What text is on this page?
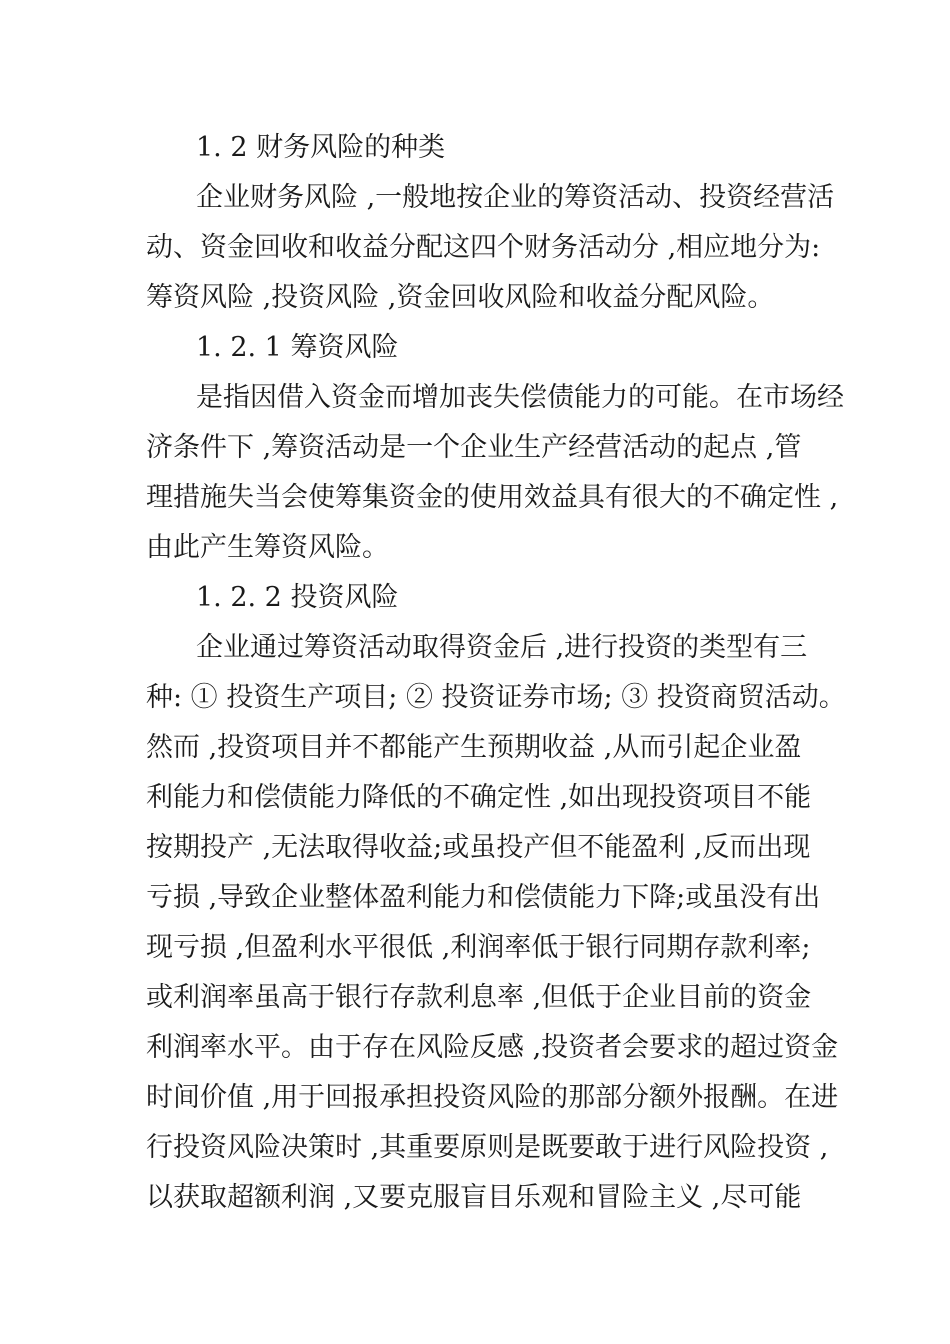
1. 2 财务风险的种类
企业财务风险 ,一般地按企业的筹资活动、投资经营活
动、资金回收和收益分配这四个财务活动分 ,相应地分为:
筹资风险 ,投资风险 ,资金回收风险和收益分配风险。
1. 2. 1 筹资风险
是指因借入资金而增加丧失偿债能力的可能。在市场经
济条件下 ,筹资活动是一个企业生产经营活动的起点 ,管
理措施失当会使筹集资金的使用效益具有很大的不确定性 ,
由此产生筹资风险。
1. 2. 2 投资风险
企业通过筹资活动取得资金后 ,进行投资的类型有三
种: ① 投资生产项目; ② 投资证券市场; ③ 投资商贸活动。
然而 ,投资项目并不都能产生预期收益 ,从而引起企业盈
利能力和偿债能力降低的不确定性 ,如出现投资项目不能
按期投产 ,无法取得收益;或虽投产但不能盈利 ,反而出现
亏损 ,导致企业整体盈利能力和偿债能力下降;或虽没有出
现亏损 ,但盈利水平很低 ,利润率低于银行同期存款利率;
或利润率虽高于银行存款利息率 ,但低于企业目前的资金
利润率水平。由于存在风险反感 ,投资者会要求的超过资金
时间价值 ,用于回报承担投资风险的那部分额外报酬。在进
行投资风险决策时 ,其重要原则是既要敢于进行风险投资 ,
以获取超额利润 ,又要克服盲目乐观和冒险主义 ,尽可能
